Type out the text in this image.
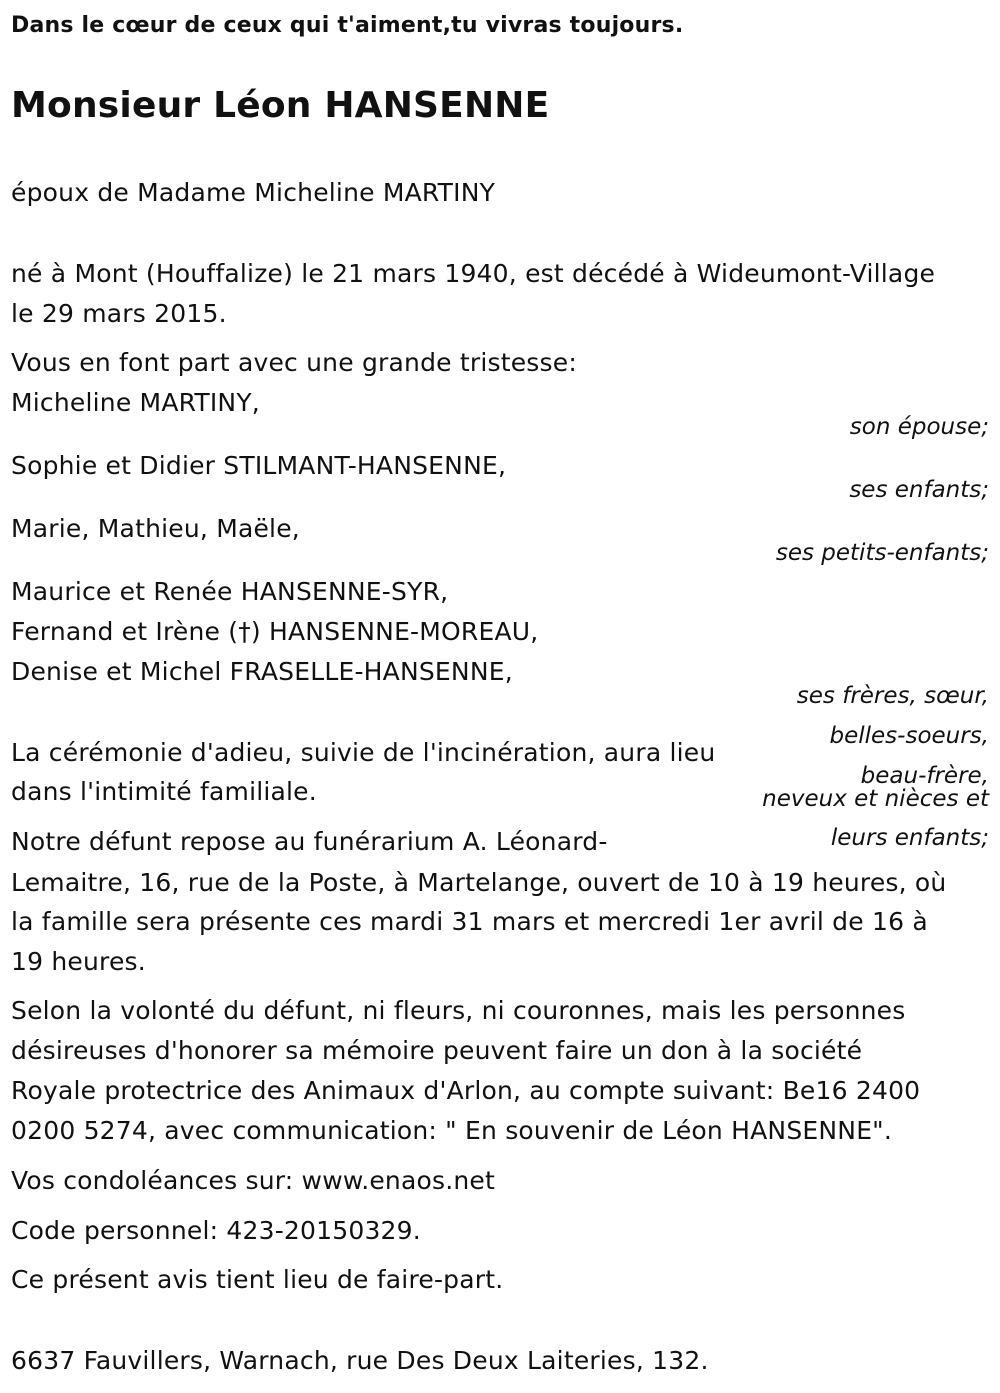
Dans le cœur de ceux qui t'aiment,tu vivras toujours.
Monsieur Léon HANSENNE
époux de Madame Micheline MARTINY
né à Mont (Houffalize) le 21 mars 1940, est décédé à Wideumont-Village
le 29 mars 2015.
Vous en font part avec une grande tristesse:
Micheline MARTINY,
son épouse;
Sophie et Didier STILMANT-HANSENNE,
ses enfants;
Marie, Mathieu, Maële,
ses petits-enfants;
Maurice et Renée HANSENNE-SYR,
Fernand et Irène (†) HANSENNE-MOREAU,
Denise et Michel FRASELLE-HANSENNE,
ses frères, sœur,
belles-soeurs,
beau-frère,
neveux et nièces et
leurs enfants;
La cérémonie d'adieu, suivie de l'incinération, aura lieu
dans l'intimité familiale.
Notre défunt repose au funérarium A. Léonard-
Lemaitre, 16, rue de la Poste, à Martelange, ouvert de 10 à 19 heures, où
la famille sera présente ces mardi 31 mars et mercredi 1er avril de 16 à
19 heures.
Selon la volonté du défunt, ni fleurs, ni couronnes, mais les personnes
désireuses d'honorer sa mémoire peuvent faire un don à la société
Royale protectrice des Animaux d'Arlon, au compte suivant: Be16 2400
0200 5274, avec communication: " En souvenir de Léon HANSENNE".
Vos condoléances sur: www.enaos.net
Code personnel: 423-20150329.
Ce présent avis tient lieu de faire-part.
6637 Fauvillers, Warnach, rue Des Deux Laiteries, 132.
